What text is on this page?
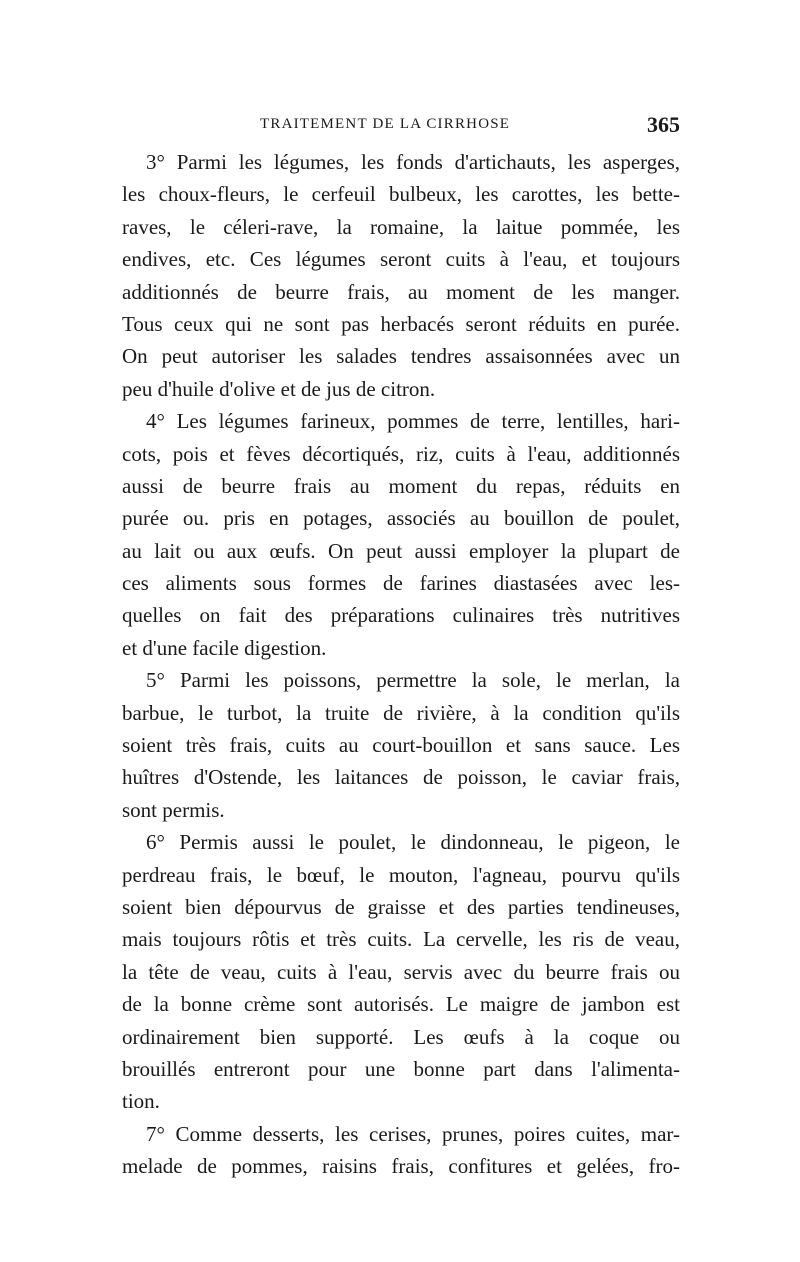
TRAITEMENT DE LA CIRRHOSE	365
3° Parmi les légumes, les fonds d'artichauts, les asperges,
les choux-fleurs, le cerfeuil bulbeux, les carottes, les bette-
raves, le céleri-rave, la romaine, la laitue pommée, les
endives, etc. Ces légumes seront cuits à l'eau, et toujours
additionnés de beurre frais, au moment de les manger.
Tous ceux qui ne sont pas herbacés seront réduits en purée.
On peut autoriser les salades tendres assaisonnées avec un
peu d'huile d'olive et de jus de citron.
4° Les légumes farineux, pommes de terre, lentilles, hari-
cots, pois et fèves décortiqués, riz, cuits à l'eau, additionnés
aussi de beurre frais au moment du repas, réduits en
purée ou. pris en potages, associés au bouillon de poulet,
au lait ou aux œufs. On peut aussi employer la plupart de
ces aliments sous formes de farines diastasées avec les-
quelles on fait des préparations culinaires très nutritives
et d'une facile digestion.
5° Parmi les poissons, permettre la sole, le merlan, la
barbue, le turbot, la truite de rivière, à la condition qu'ils
soient très frais, cuits au court-bouillon et sans sauce. Les
huîtres d'Ostende, les laitances de poisson, le caviar frais,
sont permis.
6° Permis aussi le poulet, le dindonneau, le pigeon, le
perdreau frais, le bœuf, le mouton, l'agneau, pourvu qu'ils
soient bien dépourvus de graisse et des parties tendineuses,
mais toujours rôtis et très cuits. La cervelle, les ris de veau,
la tête de veau, cuits à l'eau, servis avec du beurre frais ou
de la bonne crème sont autorisés. Le maigre de jambon est
ordinairement bien supporté. Les œufs à la coque ou
brouillés entreront pour une bonne part dans l'alimenta-
tion.
7° Comme desserts, les cerises, prunes, poires cuites, mar-
melade de pommes, raisins frais, confitures et gelées, fro-
